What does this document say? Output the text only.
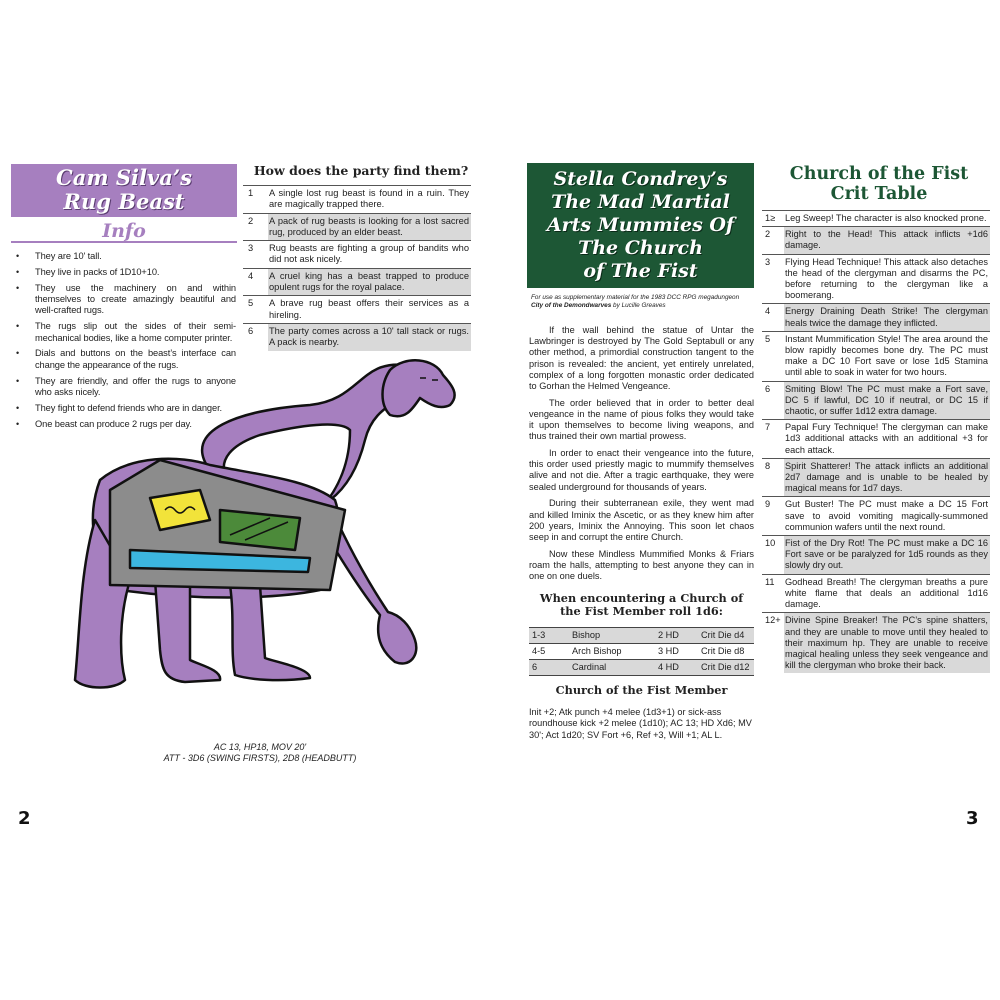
Cam Silva’s
Rug Beast
Info
• They are 10' tall.
• They live in packs of 1D10+10.
• They use the machinery on and within themselves to create amazingly beautiful and well-crafted rugs.
• The rugs slip out the sides of their semi-mechanical bodies, like a home computer printer.
• Dials and buttons on the beast’s interface can change the appearance of the rugs.
• They are friendly, and offer the rugs to anyone who asks nicely.
• They fight to defend friends who are in danger.
• One beast can produce 2 rugs per day.
How does the party find them?
1	A single lost rug beast is found in a ruin. They are magically trapped there.
2	A pack of rug beasts is looking for a lost sacred rug, produced by an elder beast.
3	Rug beasts are fighting a group of bandits who did not ask nicely.
4	A cruel king has a beast trapped to produce opulent rugs for the royal palace.
5	A brave rug beast offers their services as a hireling.
6	The party comes across a 10' tall stack or rugs. A pack is nearby.
AC 13, HP18, MOV 20'
ATT - 3D6 (SWING FIRSTS), 2D8 (HEADBUTT)
2
Stella Condrey’s
The Mad Martial
Arts Mummies Of
The Church
of The Fist
For use as supplementary material for the 1983 DCC RPG megadungeon
City of the Demondwarves by Lucille Greaves

If the wall behind the statue of Untar the Lawbringer is destroyed by The Gold Septabull or any other method, a primordial construction tangent to the prison is revealed: the ancient, yet entirely unrelated, complex of a long forgotten monastic order dedicated to Gorhan the Helmed Vengeance.

The order believed that in order to better deal vengeance in the name of pious folks they would take it upon themselves to become living weapons, and thus trained their own martial prowess.

In order to enact their vengeance into the future, this order used priestly magic to mummify themselves alive and not die. After a tragic earthquake, they were sealed underground for thousands of years.

During their subterranean exile, they went mad and killed Iminix the Ascetic, or as they knew him after 200 years, Iminix the Annoying. This soon let chaos seep in and corrupt the entire Church.

Now these Mindless Mummified Monks & Friars roam the halls, attempting to best anyone they can in one on one duels.

When encountering a Church of
the Fist Member roll 1d6:
1-3	Bishop	2 HD	Crit Die d4
4-5	Arch Bishop	3 HD	Crit Die d8
6	Cardinal	4 HD	Crit Die d12
Church of the Fist Member
Init +2; Atk punch +4 melee (1d3+1) or sick-ass roundhouse kick +2 melee (1d10); AC 13; HD Xd6; MV 30'; Act 1d20; SV Fort +6, Ref +3, Will +1; AL L.
Church of the Fist
Crit Table
1≥	Leg Sweep! The character is also knocked prone.
2	Right to the Head! This attack inflicts +1d6 damage.
3	Flying Head Technique! This attack also detaches the head of the clergyman and disarms the PC, before returning to the clergyman like a boomerang.
4	Energy Draining Death Strike! The clergyman heals twice the damage they inflicted.
5	Instant Mummification Style! The area around the blow rapidly becomes bone dry. The PC must make a DC 10 Fort save or lose 1d5 Stamina until able to soak in water for two hours.
6	Smiting Blow! The PC must make a Fort save, DC 5 if lawful, DC 10 if neutral, or DC 15 if chaotic, or suffer 1d12 extra damage.
7	Papal Fury Technique! The clergyman can make 1d3 additional attacks with an additional +3 for each attack.
8	Spirit Shatterer! The attack inflicts an additional 2d7 damage and is unable to be healed by magical means for 1d7 days.
9	Gut Buster! The PC must make a DC 15 Fort save to avoid vomiting magically-summoned communion wafers until the next round.
10	Fist of the Dry Rot! The PC must make a DC 16 Fort save or be paralyzed for 1d5 rounds as they slowly dry out.
11	Godhead Breath! The clergyman breaths a pure white flame that deals an additional 1d16 damage.
12+	Divine Spine Breaker! The PC’s spine shatters, and they are unable to move until they healed to their maximum hp. They are unable to receive magical healing unless they seek vengeance and kill the clergyman who broke their back.
3
